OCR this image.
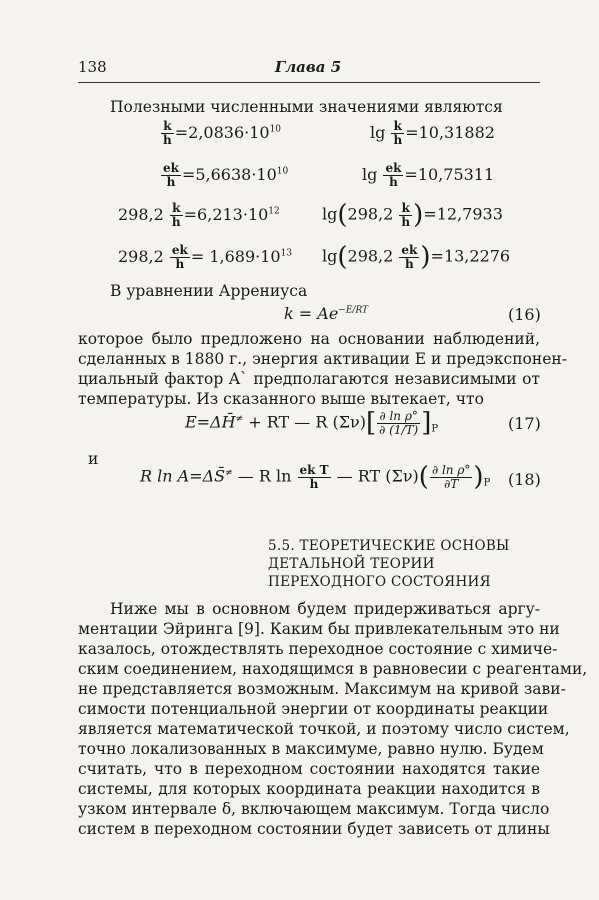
138	Глава 5
Полезными численными значениями являются
$\frac{k}{h} =2,0836\cdot 10^{10}$	$\lg \frac{k}{h} =10,31882$
$\frac{ek}{h} =5,6638\cdot 10^{10}$	$\lg \frac{ek}{h} =10,75311$
$298,2 \frac{k}{h} =6,213\cdot 10^{12}$	$\lg(298,2 \frac{k}{h} )=12,7933$
$298,2 \frac{ek}{h} = 1,689\cdot 10^{13}$ $\lg(298,2 \frac{ek}{h} )=13,2276$
В уравнении Аррениуса
$k = Ae^{-E/RT}$	(16)
которое было предложено на основании наблюдений,
сделанных в 1880 г., энергия активации E и предэкспонен-
циальный фактор A` предполагаются независимыми от
температуры. Из сказанного выше вытекает, что
E=ΔH̄≠ + RT — R $(\Sigma\nu)[ \frac{\text{∂ ln ρ°}}{\partial (1/T)} ]_P$	(17)
и
R ln A=ΔS̄≠ — R $\ln \frac{\text{ek T}}{h}$ — RT $(\Sigma\nu)( \frac{\text{∂ ln ρ°}}{\partial T} )_P$ (18)
5.5. ТЕОРЕТИЧЕСКИЕ ОСНОВЫ
ДЕТАЛЬНОЙ ТЕОРИИ
ПЕРЕХОДНОГО СОСТОЯНИЯ
Ниже мы в основном будем придерживаться аргу-
ментации Эйринга [9]. Каким бы привлекательным это ни
казалось, отождествлять переходное состояние с химиче-
ским соединением, находящимся в равновесии с реагентами,
не представляется возможным. Максимум на кривой зави-
симости потенциальной энергии от координаты реакции
является математической точкой, и поэтому число систем,
точно локализованных в максимуме, равно нулю. Будем
считать, что в переходном состоянии находятся такие
системы, для которых координата реакции находится в
узком интервале δ, включающем максимум. Тогда число
систем в переходном состоянии будет зависеть от длины
